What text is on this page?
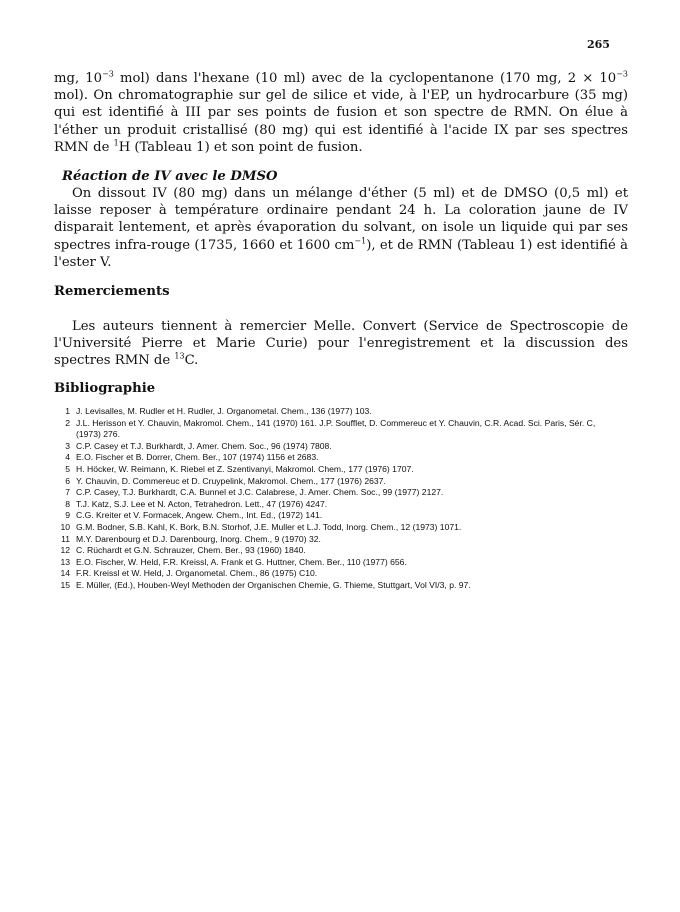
265

mg, $10^{-3}$ mol) dans l'hexane (10 ml) avec de la cyclopentanone (170 mg, $2 \times 10^{-3}$ mol). On chromatographie sur gel de silice et vide, à l'EP, un hydrocarbure (35 mg) qui est identifié à III par ses points de fusion et son spectre de RMN. On élue à l'éther un produit cristallisé (80 mg) qui est identifié à l'acide IX par ses spectres RMN de $^1$H (Tableau 1) et son point de fusion.

Réaction de IV avec le DMSO

On dissout IV (80 mg) dans un mélange d'éther (5 ml) et de DMSO (0,5 ml) et laisse reposer à température ordinaire pendant 24 h. La coloration jaune de IV disparait lentement, et après évaporation du solvant, on isole un liquide qui par ses spectres infra-rouge (1735, 1660 et 1600 $cm^{-1}$), et de RMN (Tableau 1) est identifié à l'ester V.

Remerciements

Les auteurs tiennent à remercier Melle. Convert (Service de Spectroscopie de l'Université Pierre et Marie Curie) pour l'enregistrement et la discussion des spectres RMN de $^{13}$C.

Bibliographie
1 J. Levisalles, M. Rudler et H. Rudler, J. Organometal. Chem., 136 (1977) 103.
2 J.L. Herisson et Y. Chauvin, Makromol. Chem., 141 (1970) 161. J.P. Soufflet, D. Commereuc et Y. Chauvin, C.R. Acad. Sci. Paris, Sér. C, (1973) 276.
3 C.P. Casey et T.J. Burkhardt, J. Amer. Chem. Soc., 96 (1974) 7808.
4 E.O. Fischer et B. Dorrer, Chem. Ber., 107 (1974) 1156 et 2683.
5 H. Höcker, W. Reimann, K. Riebel et Z. Szentivanyi, Makromol. Chem., 177 (1976) 1707.
6 Y. Chauvin, D. Commereuc et D. Cruypelink, Makromol. Chem., 177 (1976) 2637.
7 C.P. Casey, T.J. Burkhardt, C.A. Bunnel et J.C. Calabrese, J. Amer. Chem. Soc., 99 (1977) 2127.
8 T.J. Katz, S.J. Lee et N. Acton, Tetrahedron. Lett., 47 (1976) 4247.
9 C.G. Kreiter et V. Formacek, Angew. Chem., Int. Ed., (1972) 141.
10 G.M. Bodner, S.B. Kahl, K. Bork, B.N. Storhof, J.E. Muller et L.J. Todd, Inorg. Chem., 12 (1973) 1071.
11 M.Y. Darenbourg et D.J. Darenbourg, Inorg. Chem., 9 (1970) 32.
12 C. Rüchardt et G.N. Schrauzer, Chem. Ber., 93 (1960) 1840.
13 E.O. Fischer, W. Held, F.R. Kreissl, A. Frank et G. Huttner, Chem. Ber., 110 (1977) 656.
14 F.R. Kreissl et W. Held, J. Organometal. Chem., 86 (1975) C10.
15 E. Müller, (Ed.), Houben-Weyl Methoden der Organischen Chemie, G. Thieme, Stuttgart, Vol VI/3, p. 97.
